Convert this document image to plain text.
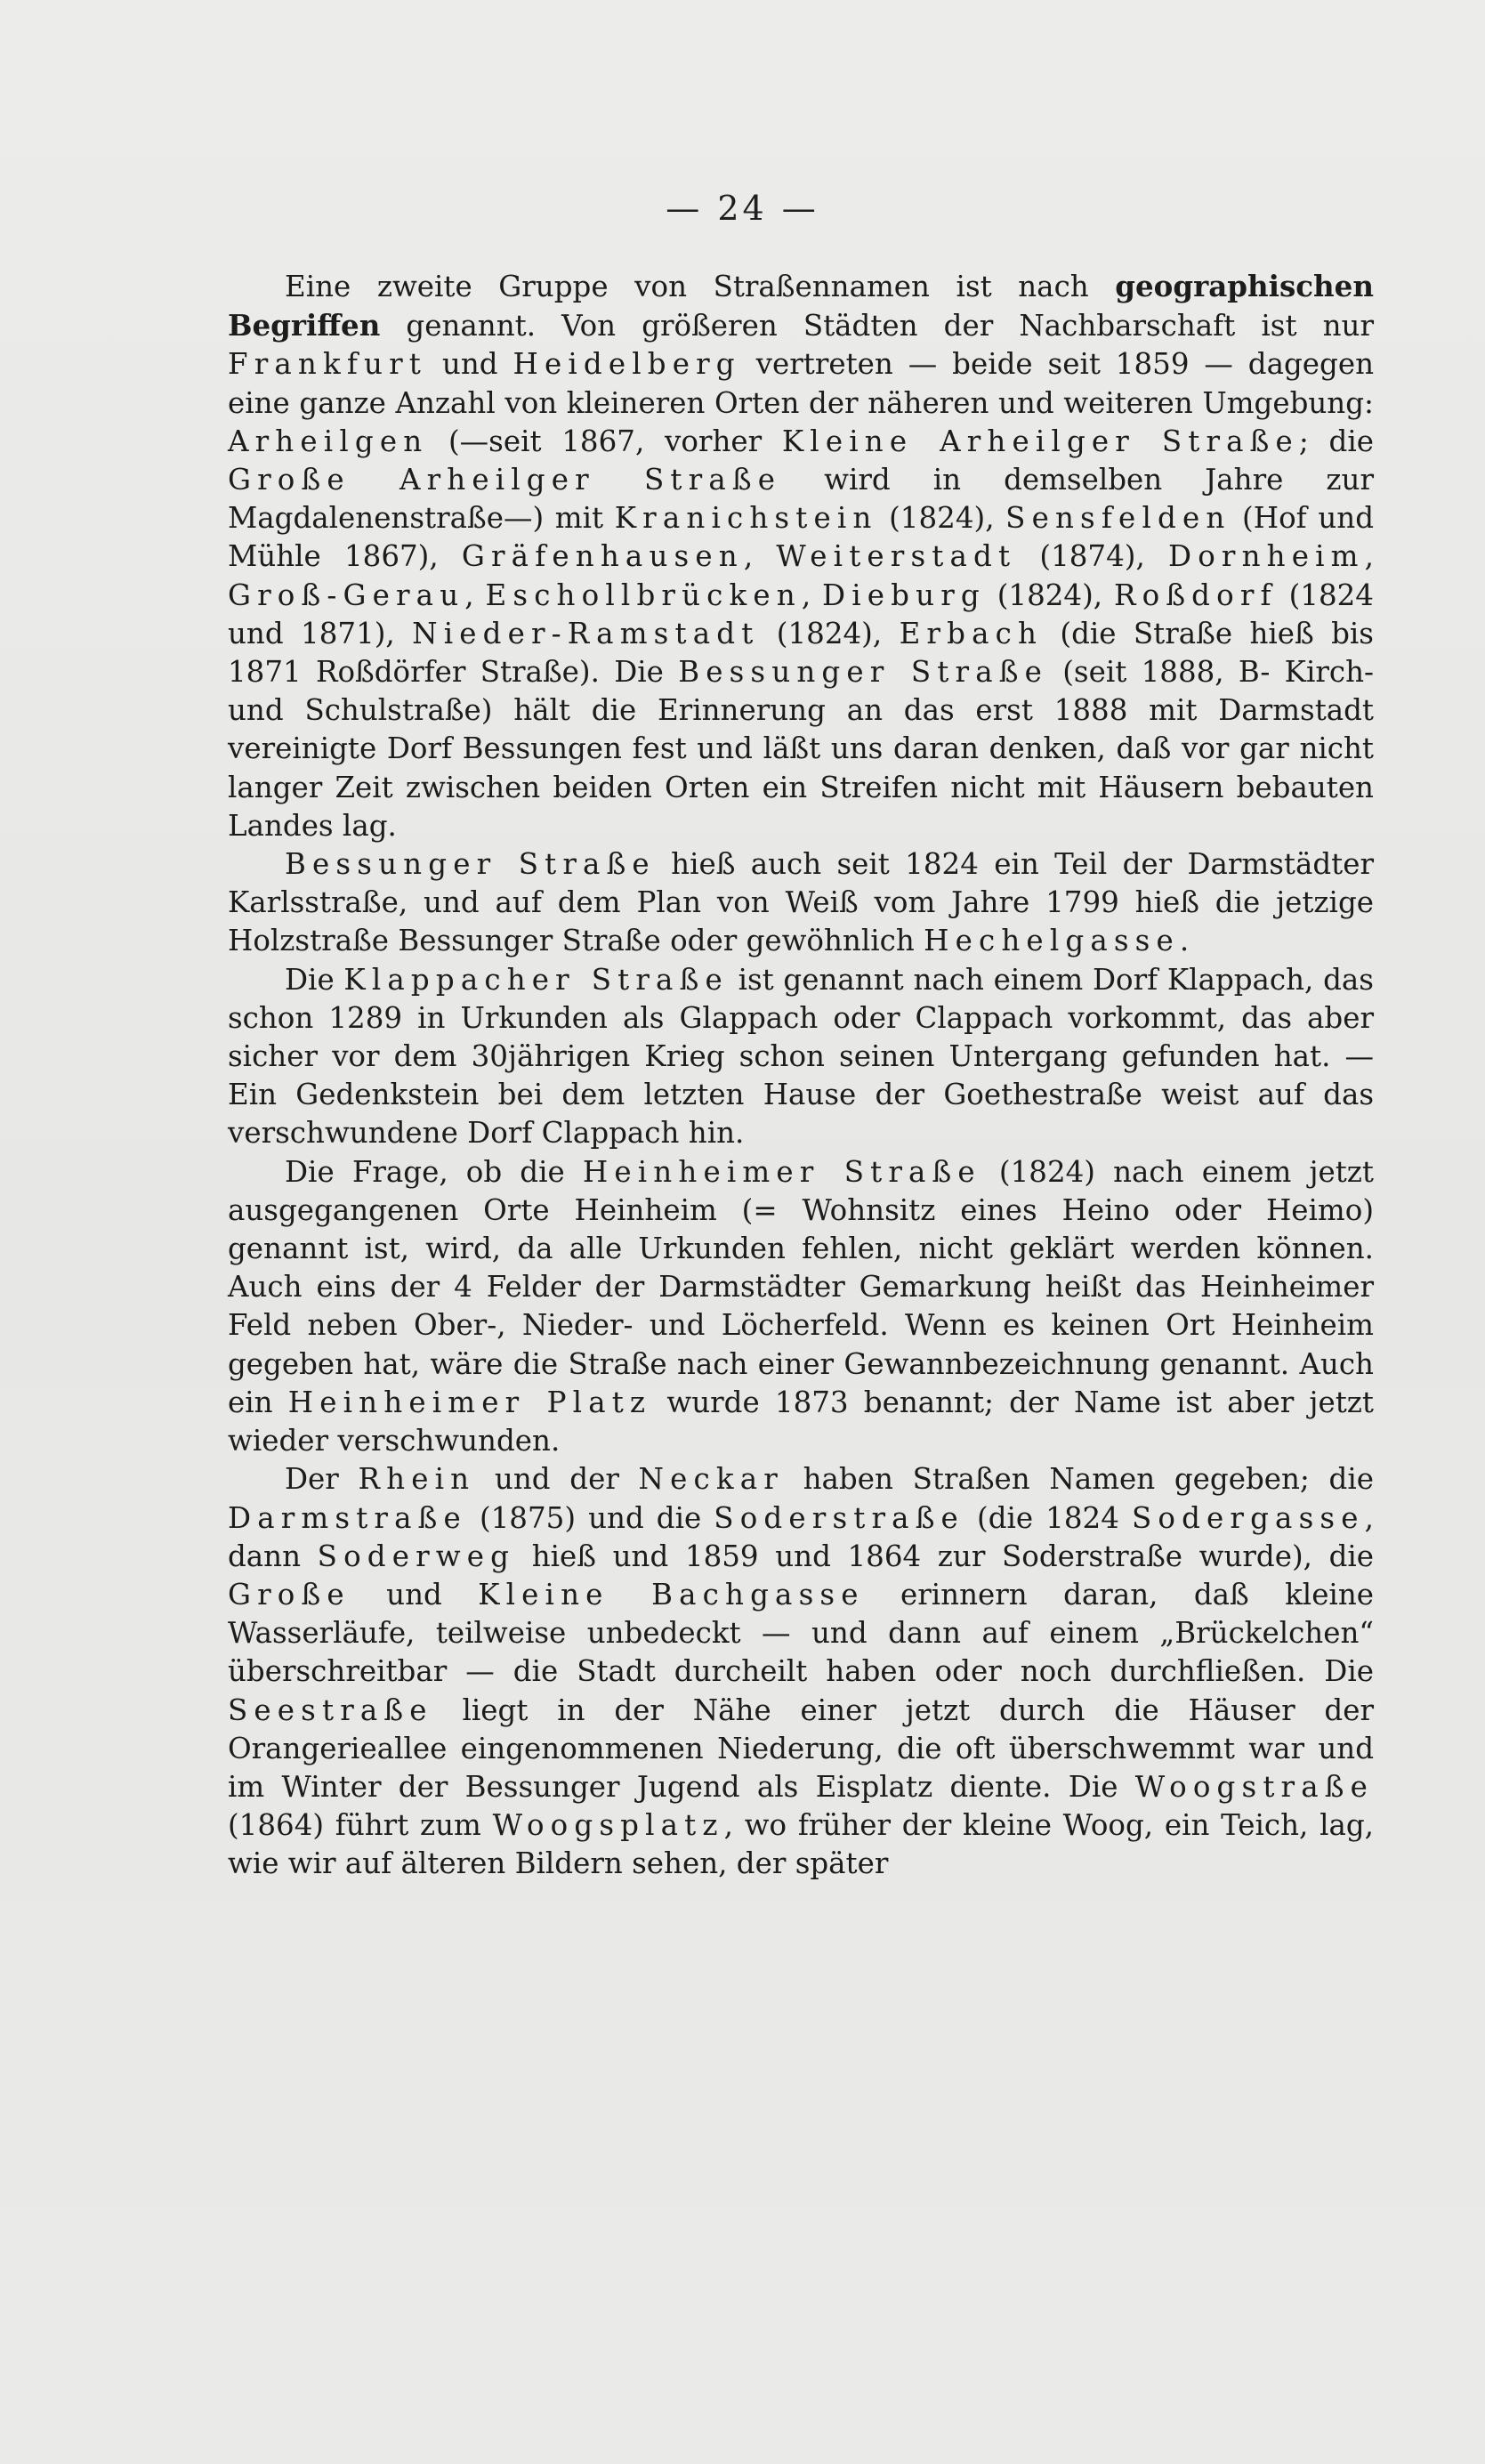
— 24 —

Eine zweite Gruppe von Straßennamen ist nach geographischen Begriffen genannt. Von größeren Städten der Nachbarschaft ist nur Frankfurt und Heidelberg vertreten — beide seit 1859 — dagegen eine ganze Anzahl von kleineren Orten der näheren und weiteren Umgebung: Arheilgen (—seit 1867, vorher Kleine Arheilger Straße; die Große Arheilger Straße wird in demselben Jahre zur Magdalenenstraße—) mit Kranichstein (1824), Sensfelden (Hof und Mühle 1867), Gräfenhausen, Weiterstadt (1874), Dornheim, Groß-Gerau, Eschollbrücken, Dieburg (1824), Roßdorf (1824 und 1871), Nieder-Ramstadt (1824), Erbach (die Straße hieß bis 1871 Roßdörfer Straße). Die Bessunger Straße (seit 1888, B- Kirch- und Schulstraße) hält die Erinnerung an das erst 1888 mit Darmstadt vereinigte Dorf Bessungen fest und läßt uns daran denken, daß vor gar nicht langer Zeit zwischen beiden Orten ein Streifen nicht mit Häusern bebauten Landes lag.

Bessunger Straße hieß auch seit 1824 ein Teil der Darmstädter Karlsstraße, und auf dem Plan von Weiß vom Jahre 1799 hieß die jetzige Holzstraße Bessunger Straße oder gewöhnlich Hechelgasse.

Die Klappacher Straße ist genannt nach einem Dorf Klappach, das schon 1289 in Urkunden als Glappach oder Clappach vorkommt, das aber sicher vor dem 30jährigen Krieg schon seinen Untergang gefunden hat. — Ein Gedenkstein bei dem letzten Hause der Goethestraße weist auf das verschwundene Dorf Clappach hin.

Die Frage, ob die Heinheimer Straße (1824) nach einem jetzt ausgegangenen Orte Heinheim (= Wohnsitz eines Heino oder Heimo) genannt ist, wird, da alle Urkunden fehlen, nicht geklärt werden können. Auch eins der 4 Felder der Darmstädter Gemarkung heißt das Heinheimer Feld neben Ober-, Nieder- und Löcherfeld. Wenn es keinen Ort Heinheim gegeben hat, wäre die Straße nach einer Gewannbezeichnung genannt. Auch ein Heinheimer Platz wurde 1873 benannt; der Name ist aber jetzt wieder verschwunden.

Der Rhein und der Neckar haben Straßen Namen gegeben; die Darmstraße (1875) und die Soderstraße (die 1824 Sodergasse, dann Soderweg hieß und 1859 und 1864 zur Soderstraße wurde), die Große und Kleine Bachgasse erinnern daran, daß kleine Wasserläufe, teilweise unbedeckt — und dann auf einem „Brückelchen“ überschreitbar — die Stadt durcheilt haben oder noch durchfließen. Die Seestraße liegt in der Nähe einer jetzt durch die Häuser der Orangerieallee eingenommenen Niederung, die oft überschwemmt war und im Winter der Bessunger Jugend als Eisplatz diente. Die Woogstraße (1864) führt zum Woogsplatz, wo früher der kleine Woog, ein Teich, lag, wie wir auf älteren Bildern sehen, der später
